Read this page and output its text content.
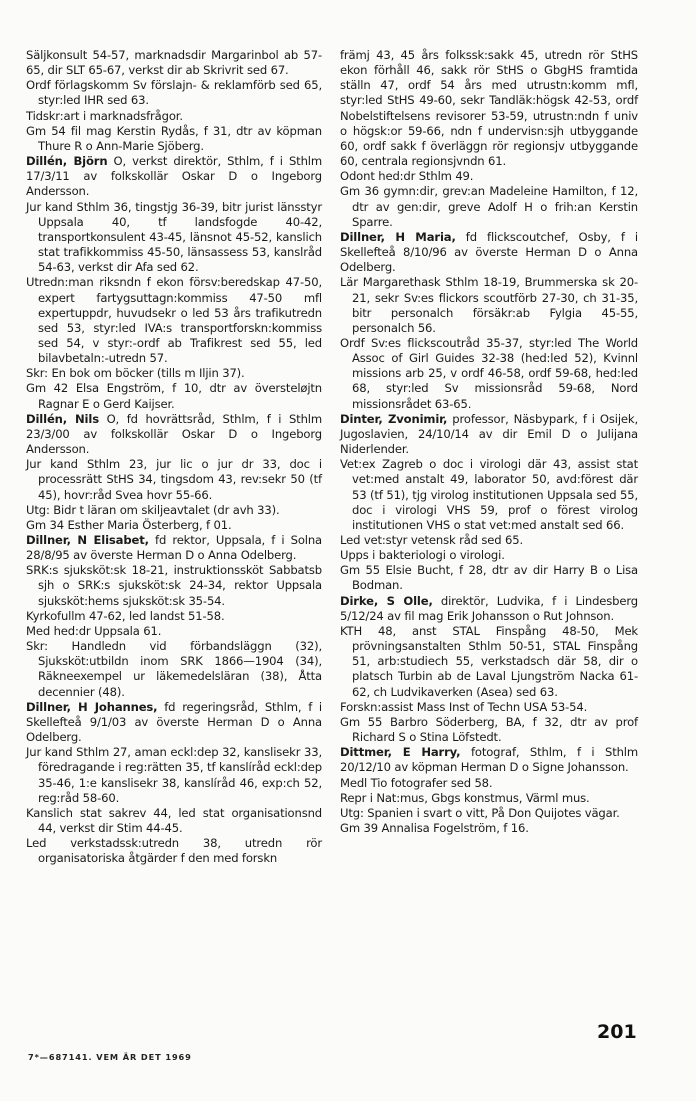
Säljkonsult 54-57, marknadsdir Margarinbol ab 57-65, dir SLT 65-67, verkst dir ab Skrivrit sed 67.

Ordf förlagskomm Sv förslajn- & reklamförb sed 65, styr:led IHR sed 63.

Tidskr:art i marknadsfrågor.

Gm 54 fil mag Kerstin Rydås, f 31, dtr av köpman Thure R o Ann-Marie Sjöberg.

Dillén, Björn O, verkst direktör, Sthlm, f i Sthlm 17/3/11 av folkskollär Oskar D o Ingeborg Andersson.

Jur kand Sthlm 36, tingstjg 36-39, bitr jurist länsstyr Uppsala 40, tf landsfogde 40-42, transportkonsulent 43-45, länsnot 45-52, kanslich stat trafikkommiss 45-50, länsassess 53, kanslråd 54-63, verkst dir Afa sed 62.

Utredn:man riksndn f ekon försv:beredskap 47-50, expert fartygsuttagn:kommiss 47-50 mfl expertuppdr, huvudsekr o led 53 års trafikutredn sed 53, styr:led IVA:s transportforskn:kommiss sed 54, v styr:-ordf ab Trafikrest sed 55, led bilavbetaln:-utredn 57.

Skr: En bok om böcker (tills m Iljin 37).

Gm 42 Elsa Engström, f 10, dtr av översteløjtn Ragnar E o Gerd Kaijser.

Dillén, Nils O, fd hovrättsråd, Sthlm, f i Sthlm 23/3/00 av folkskollär Oskar D o Ingeborg Andersson.

Jur kand Sthlm 23, jur lic o jur dr 33, doc i processrätt StHS 34, tingsdom 43, rev:sekr 50 (tf 45), hovr:råd Svea hovr 55-66.

Utg: Bidr t läran om skiljeavtalet (dr avh 33).

Gm 34 Esther Maria Österberg, f 01.

Dillner, N Elisabet, fd rektor, Uppsala, f i Solna 28/8/95 av överste Herman D o Anna Odelberg.

SRK:s sjuksköt:sk 18-21, instruktionssköt Sabbatsb sjh o SRK:s sjuksköt:sk 24-34, rektor Uppsala sjuksköt:hems sjuksköt:sk 35-54.

Kyrkofullm 47-62, led landst 51-58.

Med hed:dr Uppsala 61.

Skr: Handledn vid förbandsläggn (32), Sjuksköt:utbildn inom SRK 1866—1904 (34), Räkneexempel ur läkemedelsläran (38), Åtta decennier (48).

Dillner, H Johannes, fd regeringsråd, Sthlm, f i Skellefteå 9/1/03 av överste Herman D o Anna Odelberg.

Jur kand Sthlm 27, aman eckl:dep 32, kanslisekr 33, föredragande i reg:rätten 35, tf kanslíråd eckl:dep 35-46, 1:e kanslisekr 38, kanslíråd 46, exp:ch 52, reg:råd 58-60.

Kanslich stat sakrev 44, led stat organisationsnd 44, verkst dir Stim 44-45.

Led verkstadssk:utredn 38, utredn rör organisatoriska åtgärder f den med forskn

främj 43, 45 års folkssk:sakk 45, utredn rör StHS ekon förhåll 46, sakk rör StHS o GbgHS framtida ställn 47, ordf 54 års med utrustn:komm mfl, styr:led StHS 49-60, sekr Tandläk:högsk 42-53, ordf Nobelstiftelsens revisorer 53-59, utrustn:ndn f univ o högsk:or 59-66, ndn f undervisn:sjh utbyggande 60, ordf sakk f överläggn rör regionsjv utbyggande 60, centrala regionsjvndn 61.

Odont hed:dr Sthlm 49.

Gm 36 gymn:dir, grev:an Madeleine Hamilton, f 12, dtr av gen:dir, greve Adolf H o frih:an Kerstin Sparre.

Dillner, H Maria, fd flickscoutchef, Osby, f i Skellefteå 8/10/96 av överste Herman D o Anna Odelberg.

Lär Margarethask Sthlm 18-19, Brummerska sk 20-21, sekr Sv:es flickors scoutförb 27-30, ch 31-35, bitr personalch försäkr:ab Fylgia 45-55, personalch 56.

Ordf Sv:es flickscoutråd 35-37, styr:led The World Assoc of Girl Guides 32-38 (hed:led 52), Kvinnl missions arb 25, v ordf 46-58, ordf 59-68, hed:led 68, styr:led Sv missionsråd 59-68, Nord missionsrådet 63-65.

Dinter, Zvonimir, professor, Näsbypark, f i Osijek, Jugoslavien, 24/10/14 av dir Emil D o Julijana Niderlender.

Vet:ex Zagreb o doc i virologi där 43, assist stat vet:med anstalt 49, laborator 50, avd:förest där 53 (tf 51), tjg virolog institutionen Uppsala sed 55, doc i virologi VHS 59, prof o förest virolog institutionen VHS o stat vet:med anstalt sed 66.

Led vet:styr vetensk råd sed 65.

Upps i bakteriologi o virologi.

Gm 55 Elsie Bucht, f 28, dtr av dir Harry B o Lisa Bodman.

Dirke, S Olle, direktör, Ludvika, f i Lindesberg 5/12/24 av fil mag Erik Johansson o Rut Johnson.

KTH 48, anst STAL Finspång 48-50, Mek prövningsanstalten Sthlm 50-51, STAL Finspång 51, arb:studiech 55, verkstadsch där 58, dir o platsch Turbin ab de Laval Ljungström Nacka 61-62, ch Ludvikaverken (Asea) sed 63.

Forskn:assist Mass Inst of Techn USA 53-54.

Gm 55 Barbro Söderberg, BA, f 32, dtr av prof Richard S o Stina Löfstedt.

Dittmer, E Harry, fotograf, Sthlm, f i Sthlm 20/12/10 av köpman Herman D o Signe Johansson.

Medl Tio fotografer sed 58.

Repr i Nat:mus, Gbgs konstmus, Värml mus.

Utg: Spanien i svart o vitt, På Don Quijotes vägar.

Gm 39 Annalisa Fogelström, f 16.

7*—687141. VEM ÄR DET 1969
201
